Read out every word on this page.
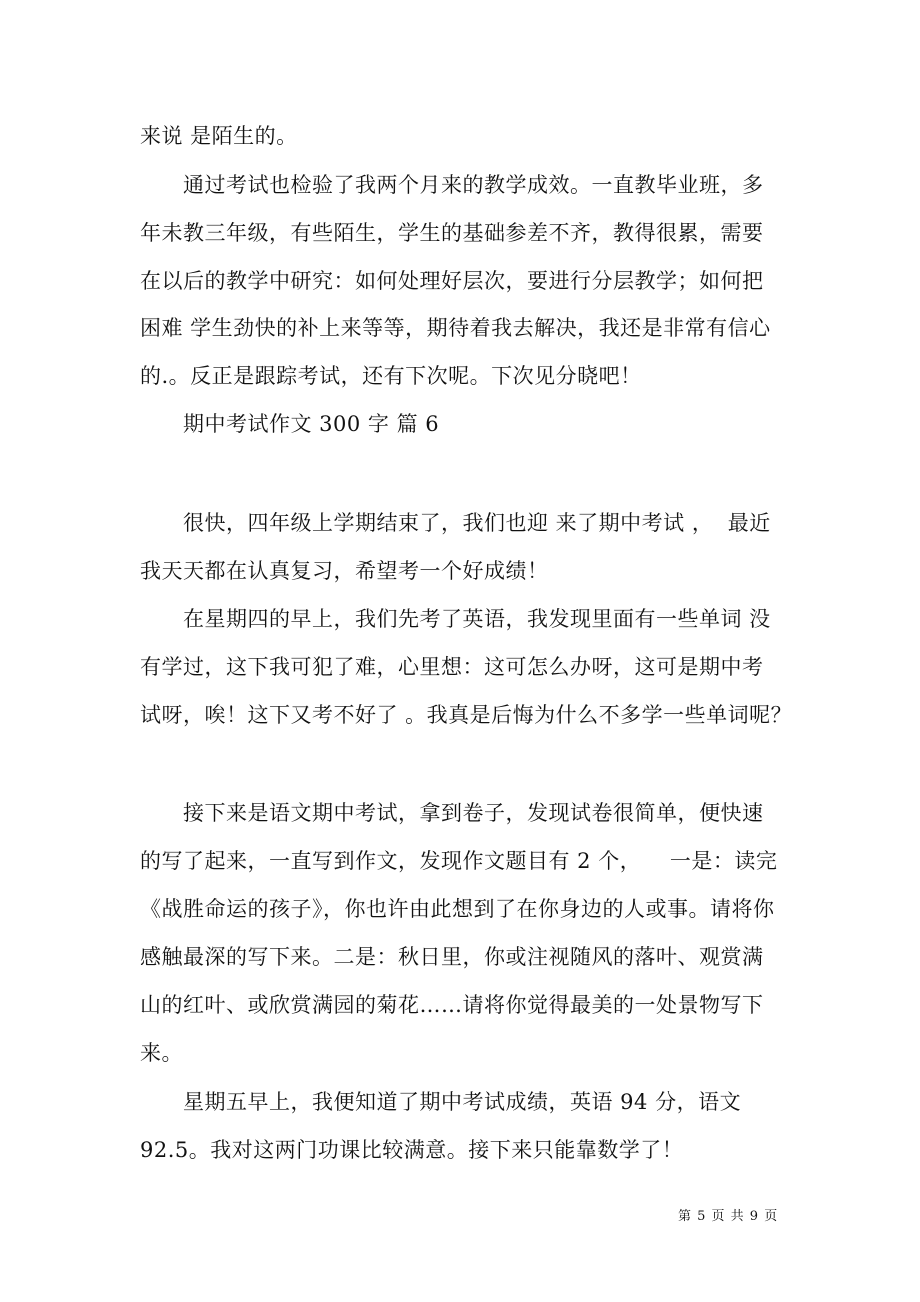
来说 是陌生的。
通过考试也检验了我两个月来的教学成效。一直教毕业班，多
年未教三年级，有些陌生，学生的基础参差不齐，教得很累，需要
在以后的教学中研究：如何处理好层次，要进行分层教学；如何把
困难 学生劲快的补上来等等，期待着我去解决，我还是非常有信心
的.。反正是跟踪考试，还有下次呢。下次见分晓吧！
期中考试作文 300 字 篇 6
很快，四年级上学期结束了，我们也迎 来了期中考试 ，  最近
我天天都在认真复习，希望考一个好成绩！
在星期四的早上，我们先考了英语，我发现里面有一些单词 没
有学过，这下我可犯了难，心里想：这可怎么办呀，这可是期中考
试呀，唉！这下又考不好了 。我真是后悔为什么不多学一些单词呢？
接下来是语文期中考试，拿到卷子，发现试卷很简单，便快速
的写了起来，一直写到作文，发现作文题目有 2 个，    一是：读完
《战胜命运的孩子》，你也许由此想到了在你身边的人或事。请将你
感触最深的写下来。二是：秋日里，你或注视随风的落叶、观赏满
山的红叶、或欣赏满园的菊花……请将你觉得最美的一处景物写下
来。
星期五早上，我便知道了期中考试成绩，英语 94 分，语文
92.5。我对这两门功课比较满意。接下来只能靠数学了！
第 5 页 共 9 页
